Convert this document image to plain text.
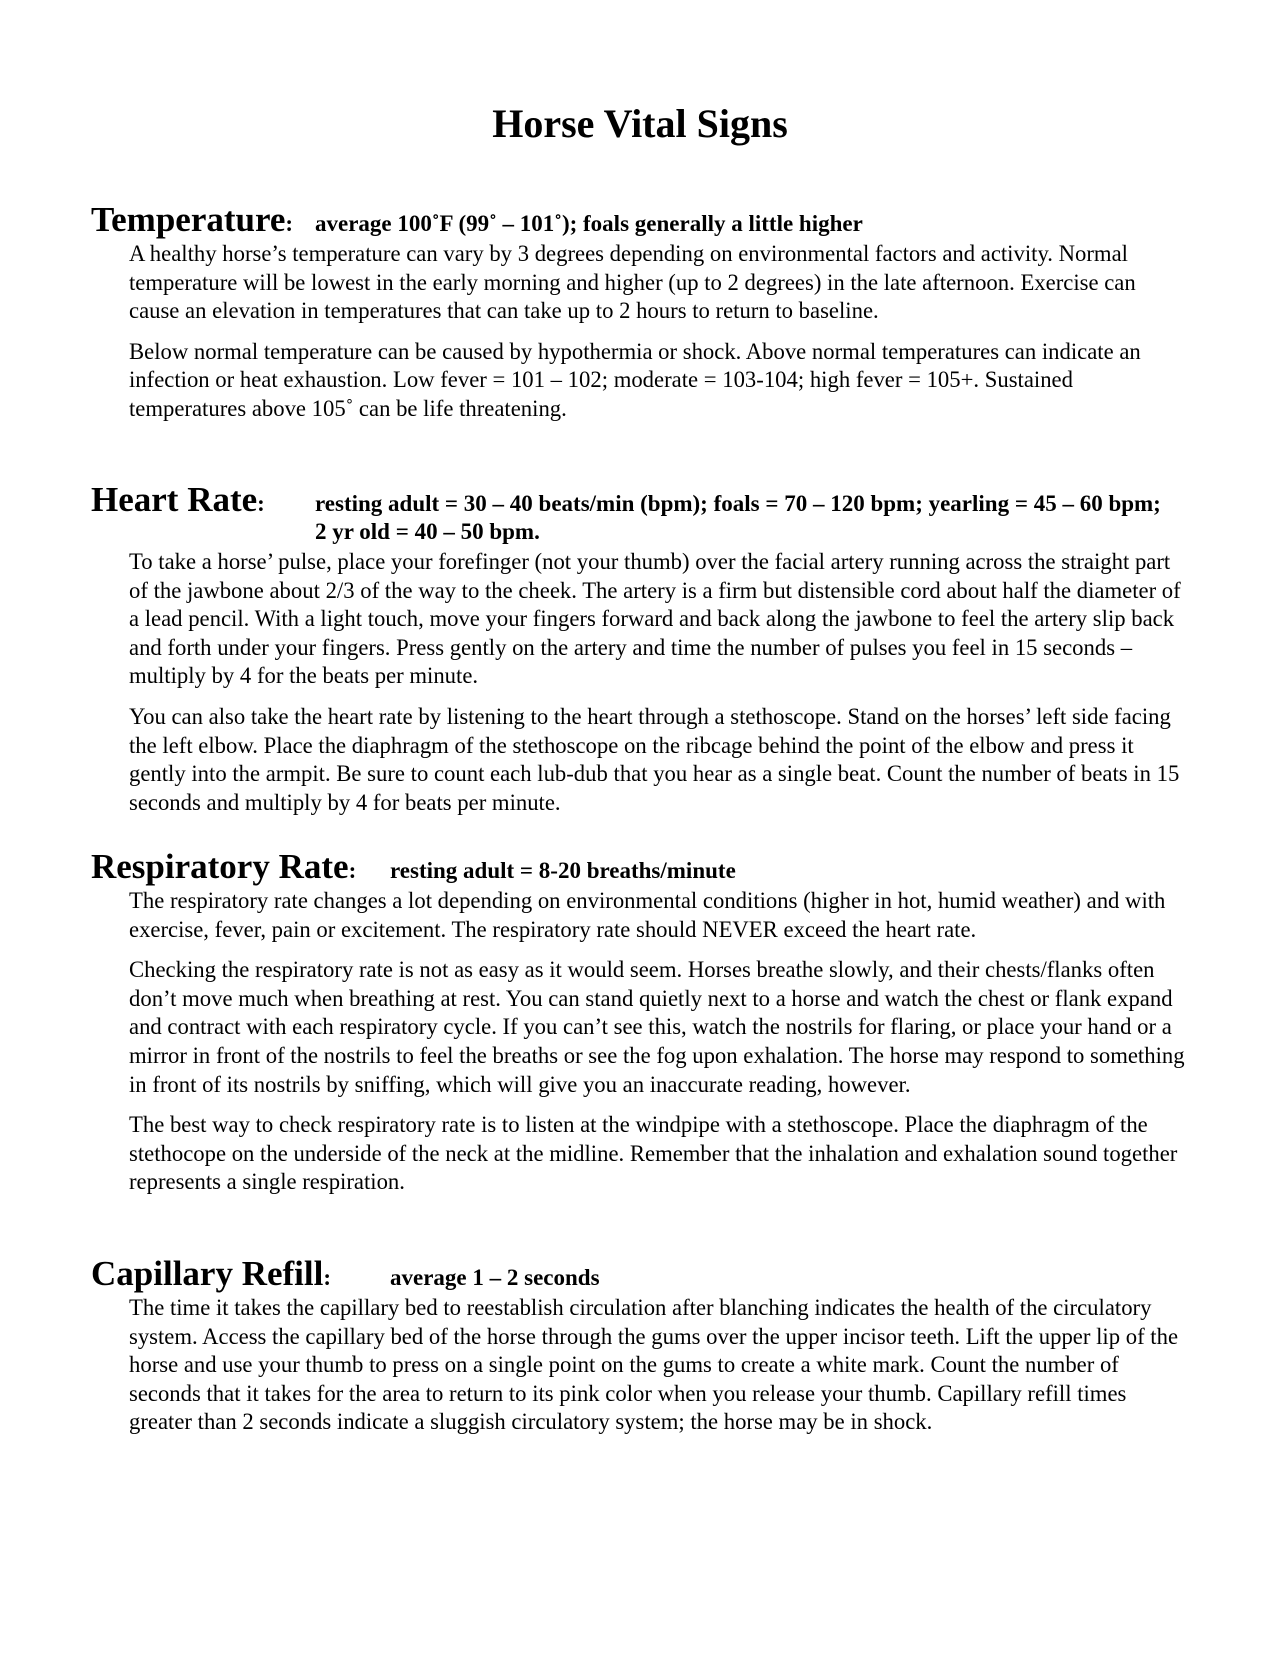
Horse Vital Signs
Temperature: average 100˚F (99˚ – 101˚); foals generally a little higher

A healthy horse’s temperature can vary by 3 degrees depending on environmental factors and activity. Normal temperature will be lowest in the early morning and higher (up to 2 degrees) in the late afternoon. Exercise can cause an elevation in temperatures that can take up to 2 hours to return to baseline.

Below normal temperature can be caused by hypothermia or shock. Above normal temperatures can indicate an infection or heat exhaustion. Low fever = 101 – 102; moderate = 103-104; high fever = 105+. Sustained temperatures above 105˚ can be life threatening.

Heart Rate: resting adult = 30 – 40 beats/min (bpm); foals = 70 – 120 bpm; yearling = 45 – 60 bpm; 2 yr old = 40 – 50 bpm.

To take a horse’ pulse, place your forefinger (not your thumb) over the facial artery running across the straight part of the jawbone about 2/3 of the way to the cheek. The artery is a firm but distensible cord about half the diameter of a lead pencil. With a light touch, move your fingers forward and back along the jawbone to feel the artery slip back and forth under your fingers. Press gently on the artery and time the number of pulses you feel in 15 seconds – multiply by 4 for the beats per minute.

You can also take the heart rate by listening to the heart through a stethoscope. Stand on the horses’ left side facing the left elbow. Place the diaphragm of the stethoscope on the ribcage behind the point of the elbow and press it gently into the armpit. Be sure to count each lub-dub that you hear as a single beat. Count the number of beats in 15 seconds and multiply by 4 for beats per minute.

Respiratory Rate: resting adult = 8-20 breaths/minute

The respiratory rate changes a lot depending on environmental conditions (higher in hot, humid weather) and with exercise, fever, pain or excitement. The respiratory rate should NEVER exceed the heart rate.

Checking the respiratory rate is not as easy as it would seem. Horses breathe slowly, and their chests/flanks often don’t move much when breathing at rest. You can stand quietly next to a horse and watch the chest or flank expand and contract with each respiratory cycle. If you can’t see this, watch the nostrils for flaring, or place your hand or a mirror in front of the nostrils to feel the breaths or see the fog upon exhalation. The horse may respond to something in front of its nostrils by sniffing, which will give you an inaccurate reading, however.

The best way to check respiratory rate is to listen at the windpipe with a stethoscope. Place the diaphragm of the stethocope on the underside of the neck at the midline. Remember that the inhalation and exhalation sound together represents a single respiration.

Capillary Refill:	average 1 – 2 seconds

The time it takes the capillary bed to reestablish circulation after blanching indicates the health of the circulatory system. Access the capillary bed of the horse through the gums over the upper incisor teeth. Lift the upper lip of the horse and use your thumb to press on a single point on the gums to create a white mark. Count the number of seconds that it takes for the area to return to its pink color when you release your thumb. Capillary refill times greater than 2 seconds indicate a sluggish circulatory system; the horse may be in shock.
